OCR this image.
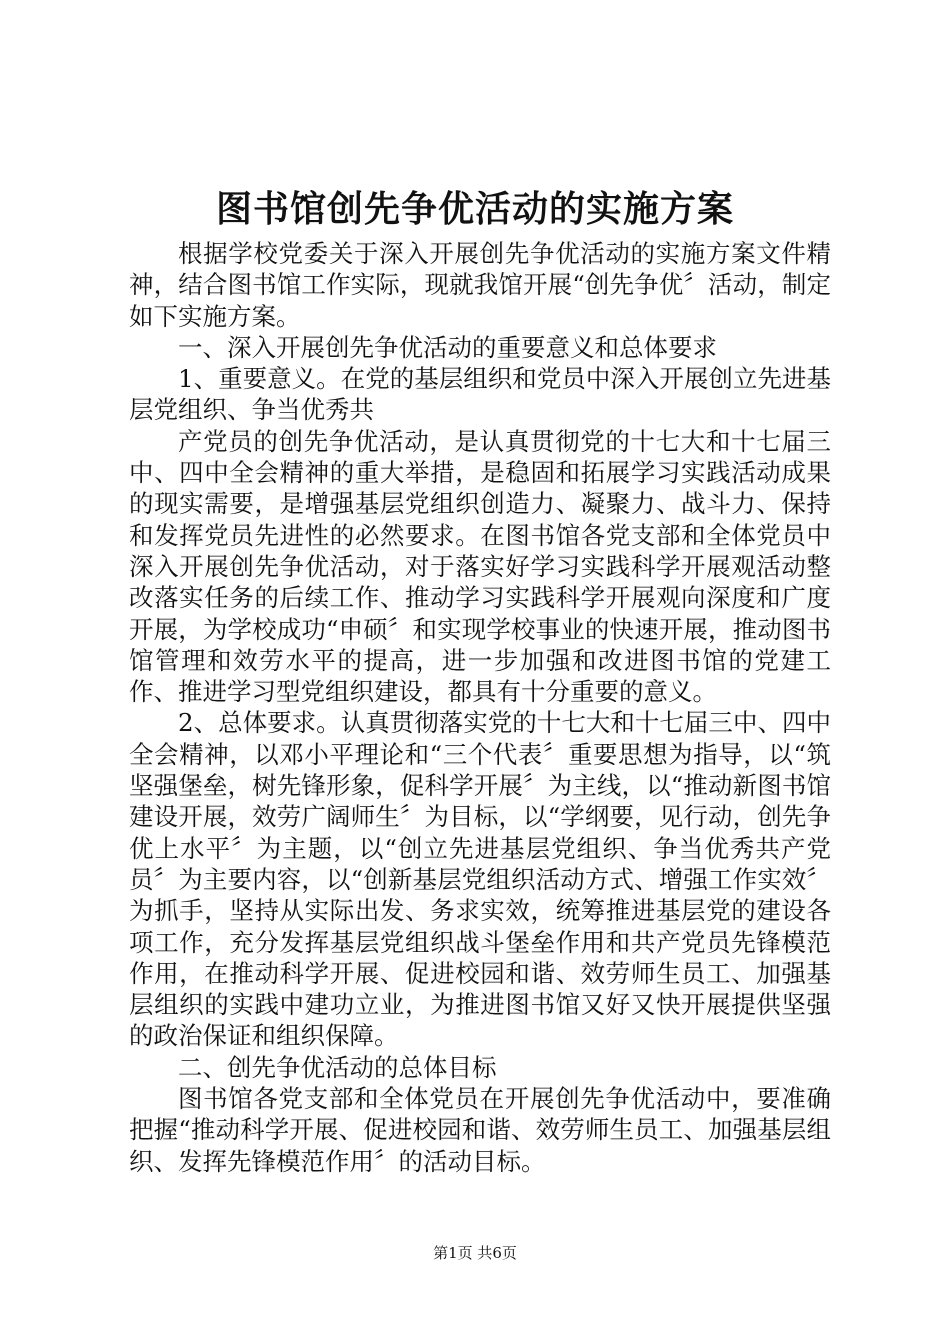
图书馆创先争优活动的实施方案

根据学校党委关于深入开展创先争优活动的实施方案文件精神，结合图书馆工作实际，现就我馆开展“创先争优〞活动，制定如下实施方案。

一、深入开展创先争优活动的重要意义和总体要求

1、重要意义。在党的基层组织和党员中深入开展创立先进基层党组织、争当优秀共

产党员的创先争优活动，是认真贯彻党的十七大和十七届三中、四中全会精神的重大举措，是稳固和拓展学习实践活动成果的现实需要，是增强基层党组织创造力、凝聚力、战斗力、保持和发挥党员先进性的必然要求。在图书馆各党支部和全体党员中深入开展创先争优活动，对于落实好学习实践科学开展观活动整改落实任务的后续工作、推动学习实践科学开展观向深度和广度开展，为学校成功“申硕〞和实现学校事业的快速开展，推动图书馆管理和效劳水平的提高，进一步加强和改进图书馆的党建工作、推进学习型党组织建设，都具有十分重要的意义。

2、总体要求。认真贯彻落实党的十七大和十七届三中、四中全会精神，以邓小平理论和“三个代表〞重要思想为指导，以“筑坚强堡垒，树先锋形象，促科学开展〞为主线，以“推动新图书馆建设开展，效劳广阔师生〞为目标，以“学纲要，见行动，创先争优上水平〞为主题，以“创立先进基层党组织、争当优秀共产党员〞为主要内容，以“创新基层党组织活动方式、增强工作实效〞为抓手，坚持从实际出发、务求实效，统筹推进基层党的建设各项工作，充分发挥基层党组织战斗堡垒作用和共产党员先锋模范作用，在推动科学开展、促进校园和谐、效劳师生员工、加强基层组织的实践中建功立业，为推进图书馆又好又快开展提供坚强的政治保证和组织保障。

二、创先争优活动的总体目标

图书馆各党支部和全体党员在开展创先争优活动中，要准确把握“推动科学开展、促进校园和谐、效劳师生员工、加强基层组织、发挥先锋模范作用〞的活动目标。

第1页 共6页
